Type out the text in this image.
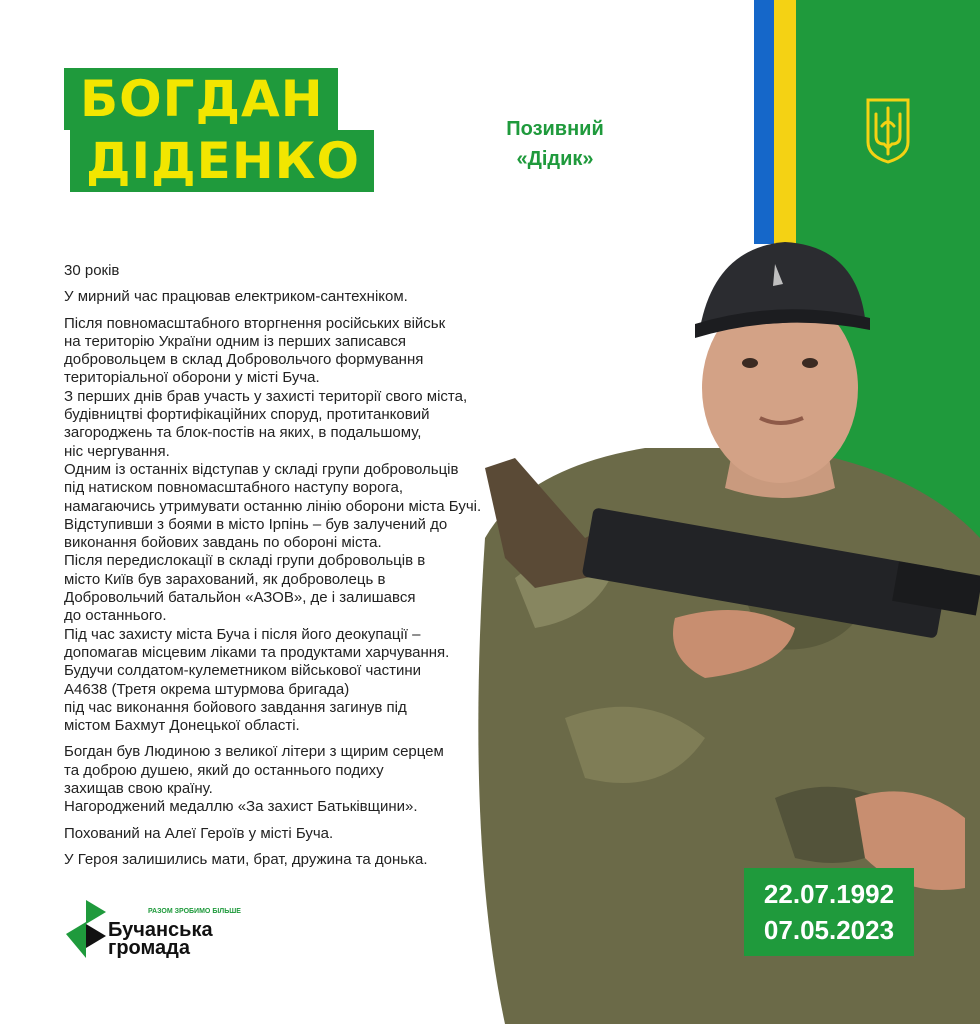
БОГДАН
ДІДЕНКО
Позивний
«Дідик»

30 років

У мирний час працював електриком-сантехніком.

Після повномасштабного вторгнення російських військ
на територію України одним із перших записався
добровольцем в склад Добровольчого формування
територіальної оборони у місті Буча.
З перших днів брав участь у захисті території свого міста,
будівництві фортифікаційних споруд, протитанковий
загороджень та блок-постів на яких, в подальшому,
ніс чергування.
Одним із останніх відступав у складі групи добровольців
під натиском повномасштабного наступу ворога,
намагаючись утримувати останню лінію оборони міста Бучі.
Відступивши з боями в місто Ірпінь – був залучений до
виконання бойових завдань по обороні міста.
Після передислокації в складі групи добровольців в
місто Київ був зарахований, як доброволець в
Добровольчий батальйон «АЗОВ», де і залишався
до останнього.
Під час захисту міста Буча і після його деокупації –
допомагав місцевим ліками та продуктами харчування.
Будучи солдатом-кулеметником військової частини
А4638 (Третя окрема штурмова бригада)
під час виконання бойового завдання загинув під
містом Бахмут Донецької області.

Богдан був Людиною з великої літери з щирим серцем
та доброю душею, який до останнього подиху
захищав свою країну.
Нагороджений медаллю «За захист Батьківщини».

Похований на Алеї Героїв у місті Буча.

У Героя залишились мати, брат, дружина та донька.

22.07.1992
07.05.2023
РАЗОМ ЗРОБИМО БІЛЬШЕ
Бучанська
громада
